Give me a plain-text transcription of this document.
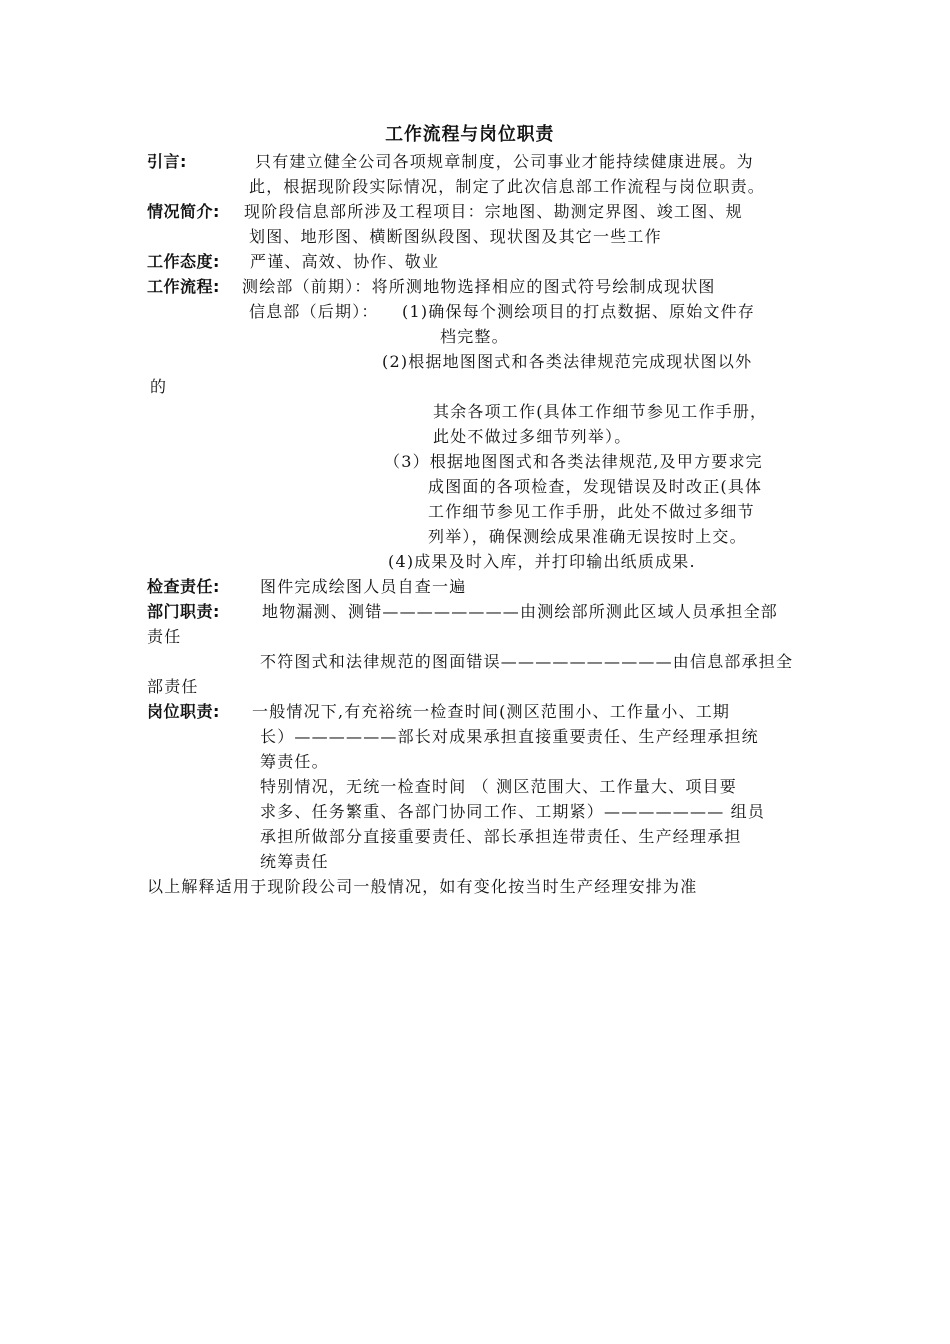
工作流程与岗位职责
引言:	只有建立健全公司各项规章制度，公司事业才能持续健康进展。为
此，根据现阶段实际情况，制定了此次信息部工作流程与岗位职责。
情况简介: 现阶段信息部所涉及工程项目：宗地图、勘测定界图、竣工图、规
划图、地形图、横断图纵段图、现状图及其它一些工作
工作态度: 严谨、高效、协作、敬业
工作流程: 测绘部（前期）：将所测地物选择相应的图式符号绘制成现状图
信息部（后期）： (1)确保每个测绘项目的打点数据、原始文件存
档完整。
(2)根据地图图式和各类法律规范完成现状图以外
的
其余各项工作(具体工作细节参见工作手册，
此处不做过多细节列举）。
（3）根据地图图式和各类法律规范,及甲方要求完
成图面的各项检查，发现错误及时改正(具体
工作细节参见工作手册，此处不做过多细节
列举），确保测绘成果准确无误按时上交。
(4)成果及时入库，并打印输出纸质成果.
检查责任:	图件完成绘图人员自查一遍
部门职责:	地物漏测、测错————————由测绘部所测此区域人员承担全部
责任
不符图式和法律规范的图面错误——————————由信息部承担全
部责任
岗位职责: 一般情况下,有充裕统一检查时间(测区范围小、工作量小、工期
长）——————部长对成果承担直接重要责任、生产经理承担统
筹责任。
特别情况，无统一检查时间 （ 测区范围大、工作量大、项目要
求多、任务繁重、各部门协同工作、工期紧）——————— 组员
承担所做部分直接重要责任、部长承担连带责任、生产经理承担
统筹责任
以上解释适用于现阶段公司一般情况，如有变化按当时生产经理安排为准
